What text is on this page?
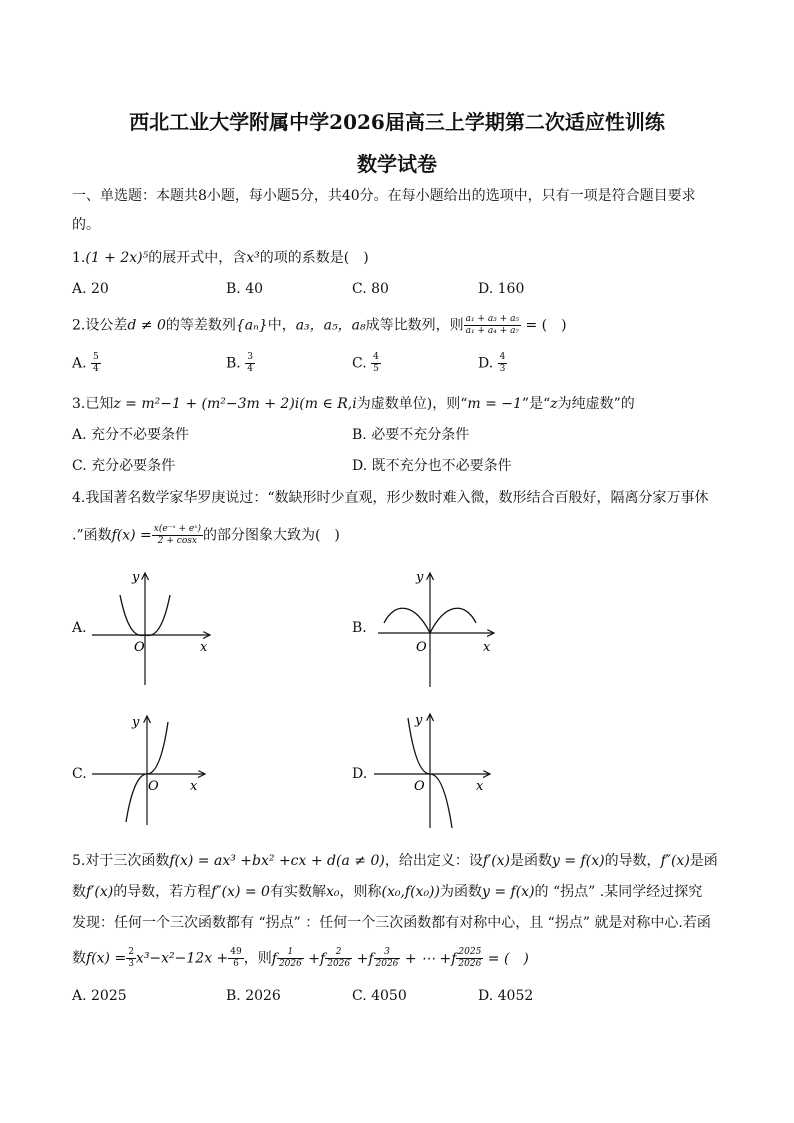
西北工业大学附属中学2026届高三上学期第二次适应性训练
数学试卷
一、单选题：本题共8小题，每小题5分，共40分。在每小题给出的选项中，只有一项是符合题目要求
的。
1.(1 + 2x)⁵的展开式中，含x³的项的系数是(　)
A. 20	B. 40	C. 80	D. 160
2.设公差d ≠ 0的等差数列{aₙ}中，a₃，a₅，a₈成等比数列，则 $\frac{\text{a₁ + a₃ + a₅}}{\text{a₁ + a₄ + a₇}}$ = (　)
A. $\frac{5}{4}$	B. $\frac{3}{4}$	C. $\frac{4}{5}$	D. $\frac{4}{3}$
3.已知z = m²−1 + (m²−3m + 2)i(m ∈ R,i为虚数单位)，则“m = −1”是“z为纯虚数”的
A. 充分不必要条件	B. 必要不充分条件
C. 充分必要条件	D. 既不充分也不必要条件
4.我国著名数学家华罗庚说过：“数缺形时少直观，形少数时难入微，数形结合百般好，隔离分家万事休
.”函数$f(x) = \frac{\text{x(e⁻ˣ + eˣ)}}{2 + \cos x}$ 的部分图象大致为(　)
A.
y
x
O
B.
y
x
O
C.
y
x
O
D.
y
x
O
5.对于三次函数f(x) = ax³ +bx² +cx + d(a ≠ 0)，给出定义：设f′(x)是函数y = f(x)的导数，f″(x)是函
数f′(x)的导数，若方程f″(x) = 0有实数解x₀，则称(x₀,f(x₀))为函数y = f(x)的 “拐点” .某同学经过探究
发现：任何一个三次函数都有 “拐点” ：任何一个三次函数都有对称中心，且 “拐点” 就是对称中心.若函
数$f(x) = \frac{2}{3} x^3-x^2-12x + \frac{49}{6}$ ，则f $\frac{1}{2026} +f \frac{2}{2026} +f \frac{3}{2026}$ + ⋯ $+f \frac{2025}{2026}$ = (　)
A. 2025	B. 2026	C. 4050	D. 4052
